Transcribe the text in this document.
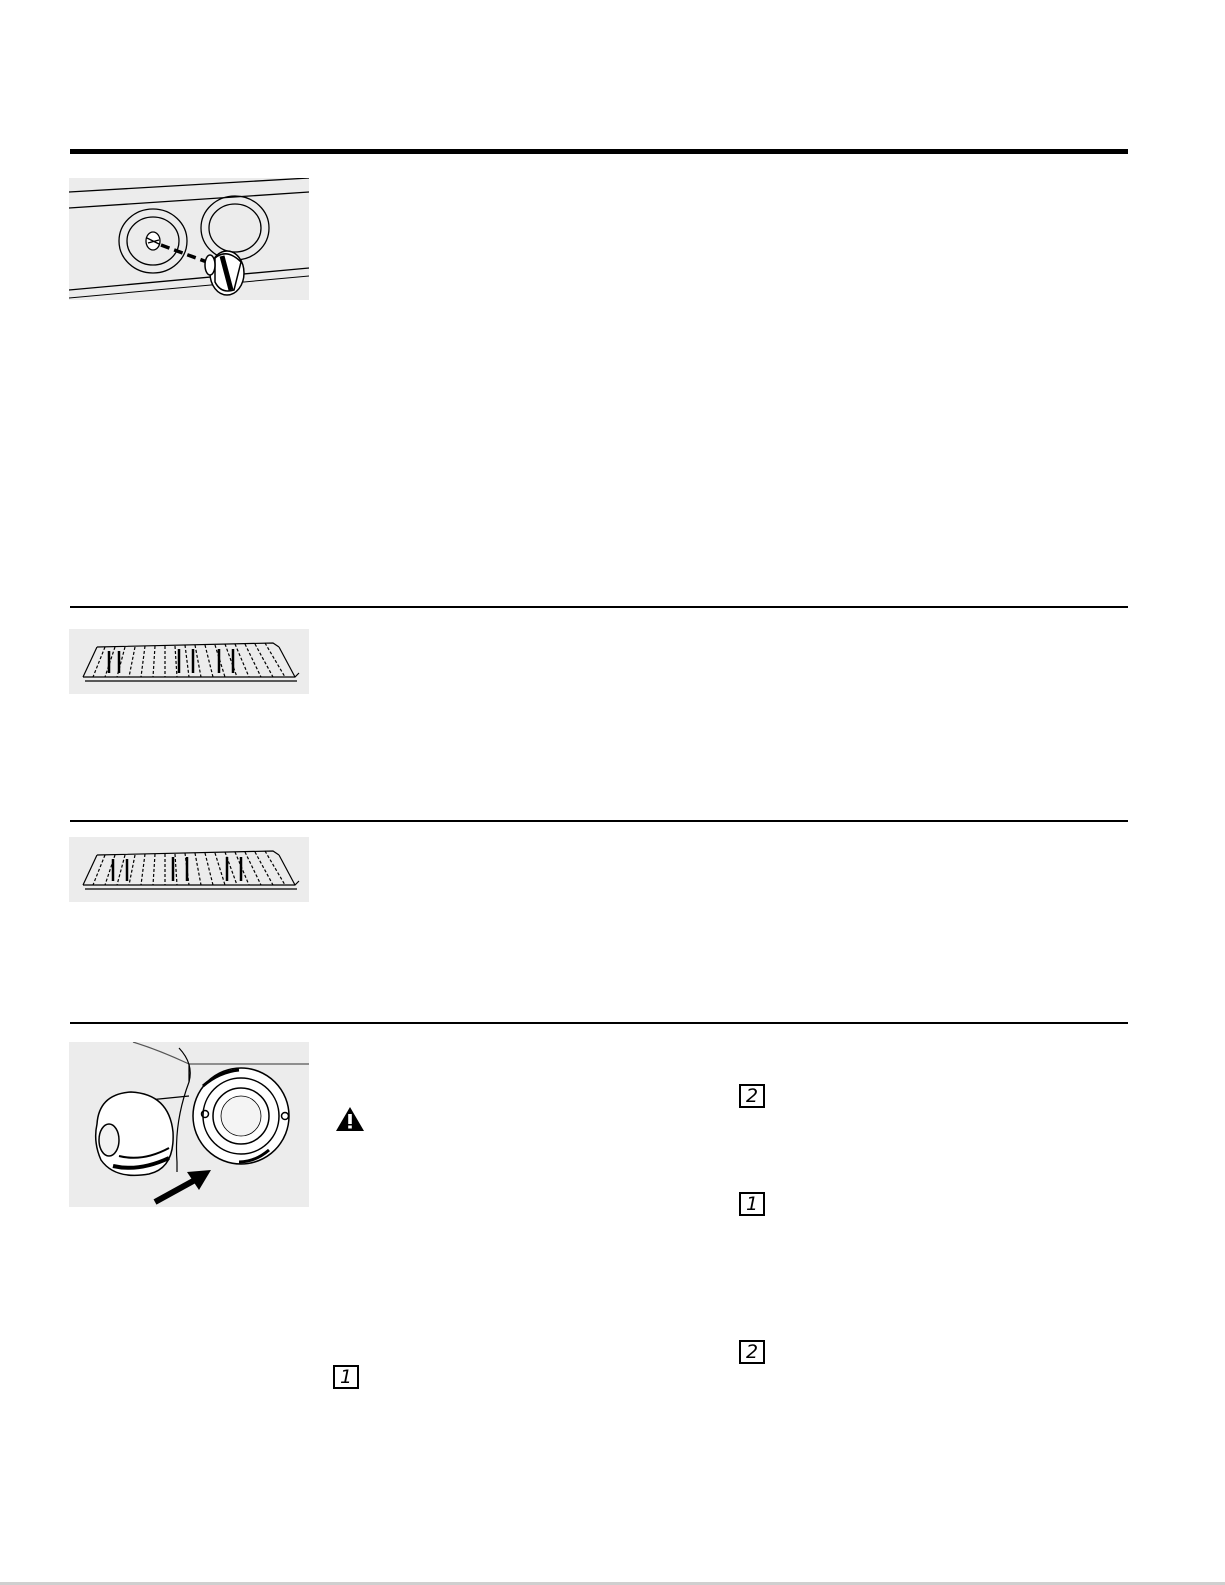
2
1
2
1
